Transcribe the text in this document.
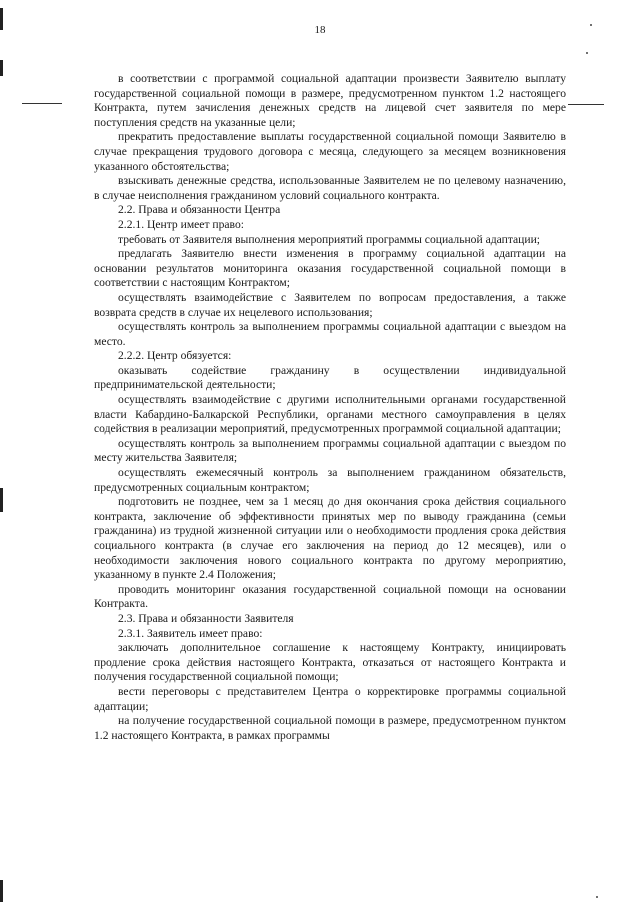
18

в соответствии с программой социальной адаптации произвести Заявителю выплату государственной социальной помощи в размере, предусмотренном пунктом 1.2 настоящего Контракта, путем зачисления денежных средств на лицевой счет заявителя по мере поступления средств на указанные цели;

прекратить предоставление выплаты государственной социальной помощи Заявителю в случае прекращения трудового договора с месяца, следующего за месяцем возникновения указанного обстоятельства;

взыскивать денежные средства, использованные Заявителем не по целевому назначению, в случае неисполнения гражданином условий социального контракта.

2.2. Права и обязанности Центра

2.2.1. Центр имеет право:

требовать от Заявителя выполнения мероприятий программы социальной адаптации;

предлагать Заявителю внести изменения в программу социальной адаптации на основании результатов мониторинга оказания государственной социальной помощи в соответствии с настоящим Контрактом;

осуществлять взаимодействие с Заявителем по вопросам предоставления, а также возврата средств в случае их нецелевого использования;

осуществлять контроль за выполнением программы социальной адаптации с выездом на место.

2.2.2. Центр обязуется:

оказывать содействие гражданину в осуществлении индивидуальной предпринимательской деятельности;

осуществлять взаимодействие с другими исполнительными органами государственной власти Кабардино-Балкарской Республики, органами местного самоуправления в целях содействия в реализации мероприятий, предусмотренных программой социальной адаптации;

осуществлять контроль за выполнением программы социальной адаптации с выездом по месту жительства Заявителя;

осуществлять ежемесячный контроль за выполнением гражданином обязательств, предусмотренных социальным контрактом;

подготовить не позднее, чем за 1 месяц до дня окончания срока действия социального контракта, заключение об эффективности принятых мер по выводу гражданина (семьи гражданина) из трудной жизненной ситуации или о необходимости продления срока действия социального контракта (в случае его заключения на период до 12 месяцев), или о необходимости заключения нового социального контракта по другому мероприятию, указанному в пункте 2.4 Положения;

проводить мониторинг оказания государственной социальной помощи на основании Контракта.

2.3. Права и обязанности Заявителя

2.3.1. Заявитель имеет право:

заключать дополнительное соглашение к настоящему Контракту, инициировать продление срока действия настоящего Контракта, отказаться от настоящего Контракта и получения государственной социальной помощи;

вести переговоры с представителем Центра о корректировке программы социальной адаптации;

на получение государственной социальной помощи в размере, предусмотренном пунктом 1.2 настоящего Контракта, в рамках программы
